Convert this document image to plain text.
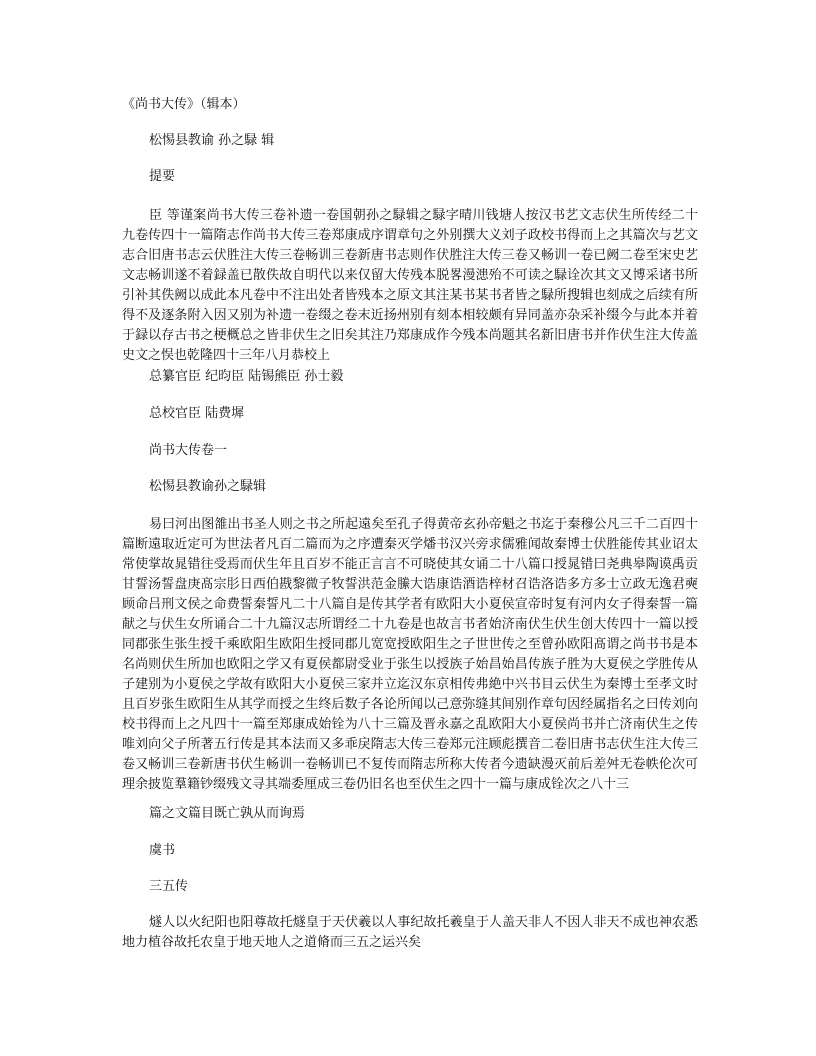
《尚书大传》（辑本）
松惕县教谕 孙之騄 辑
提要
臣 等谨案尚书大传三卷补遗一卷国朝孙之騄辑之騄字晴川钱塘人按汉书艺文志伏生所传经二十九卷传四十一篇隋志作尚书大传三卷郑康成序谓章句之外别撰大义刘子政校书得而上之其篇次与艺文志合旧唐书志云伏胜注大传三卷畅训三卷新唐书志则作伏胜注大传三卷又畅训一卷已阙二卷至宋史艺文志畅训遂不着録盖已散佚故自明代以来仅留大传残本脱畧漫漶殆不可读之騄诠次其文又博采诸书所引补其佚阙以成此本凡卷中不注出处者皆残本之原文其注某书某书者皆之騄所搜辑也刻成之后续有所得不及逐条附入因又别为补遗一卷缀之卷末近扬州别有刻本相较颇有异同盖亦杂采补缀今与此本并着于録以存古书之梗概总之皆非伏生之旧矣其注乃郑康成作今残本尚题其名新旧唐书并作伏生注大传盖史文之悮也乾隆四十三年八月恭校上
总纂官臣 纪昀臣 陆锡熊臣 孙士毅
总校官臣 陆费墀
尚书大传卷一
松惕县教谕孙之騄辑
易曰河出图雒出书圣人则之书之所起遠矣至孔子得黄帝玄孙帝魁之书迄于秦穆公凡三千二百四十篇断遠取近定可为世法者凡百二篇而为之序遭秦灭学燔书汉兴旁求儒雅闻故秦博士伏胜能传其业诏太常使掌故晁错往受焉而伏生年且百岁不能正言言不可晓使其女诵二十八篇口授晁错曰尧典皋陶谟禹贡甘誓汤誓盘庚髙宗肜日西伯戡黎微子牧誓洪范金縢大诰康诰酒诰梓材召诰洛诰多方多士立政无逸君奭顾命吕刑文侯之命费誓秦誓凡二十八篇自是传其学者有欧阳大小夏侯宣帝时复有河内女子得秦誓一篇献之与伏生女所诵合二十九篇汉志所谓经二十九卷是也故言书者始济南伏生伏生创大传四十一篇以授同郡张生张生授千乘欧阳生欧阳生授同郡儿宽宽授欧阳生之子世世传之至曾孙欧阳髙谓之尚书书是本名尚则伏生所加也欧阳之学又有夏侯都尉受业于张生以授族子始昌始昌传族子胜为大夏侯之学胜传从子建别为小夏侯之学故有欧阳大小夏侯三家并立迄汉东京相传弗絶中兴书目云伏生为秦博士至孝文时且百岁张生欧阳生从其学而授之生终后数子各论所闻以己意弥缝其间别作章句因经属指名之曰传刘向校书得而上之凡四十一篇至郑康成始铨为八十三篇及晋永嘉之乱欧阳大小夏侯尚书并亡济南伏生之传唯刘向父子所著五行传是其本法而又多乖戾隋志大传三卷郑元注顾彪撰音二卷旧唐书志伏生注大传三卷又畅训三卷新唐书伏生畅训一卷畅训已不复传而隋志所称大传者今遗缺漫灭前后差舛无卷帙伦次可理余披览羣籍钞缀残文寻其端委厘成三卷仍旧名也至伏生之四十一篇与康成铨次之八十三
篇之文篇目既亡孰从而询焉
虞书
三五传
燧人以火纪阳也阳尊故托燧皇于天伏羲以人事纪故托羲皇于人盖天非人不因人非天不成也神农悉地力植谷故托农皇于地天地人之道脩而三五之运兴矣
